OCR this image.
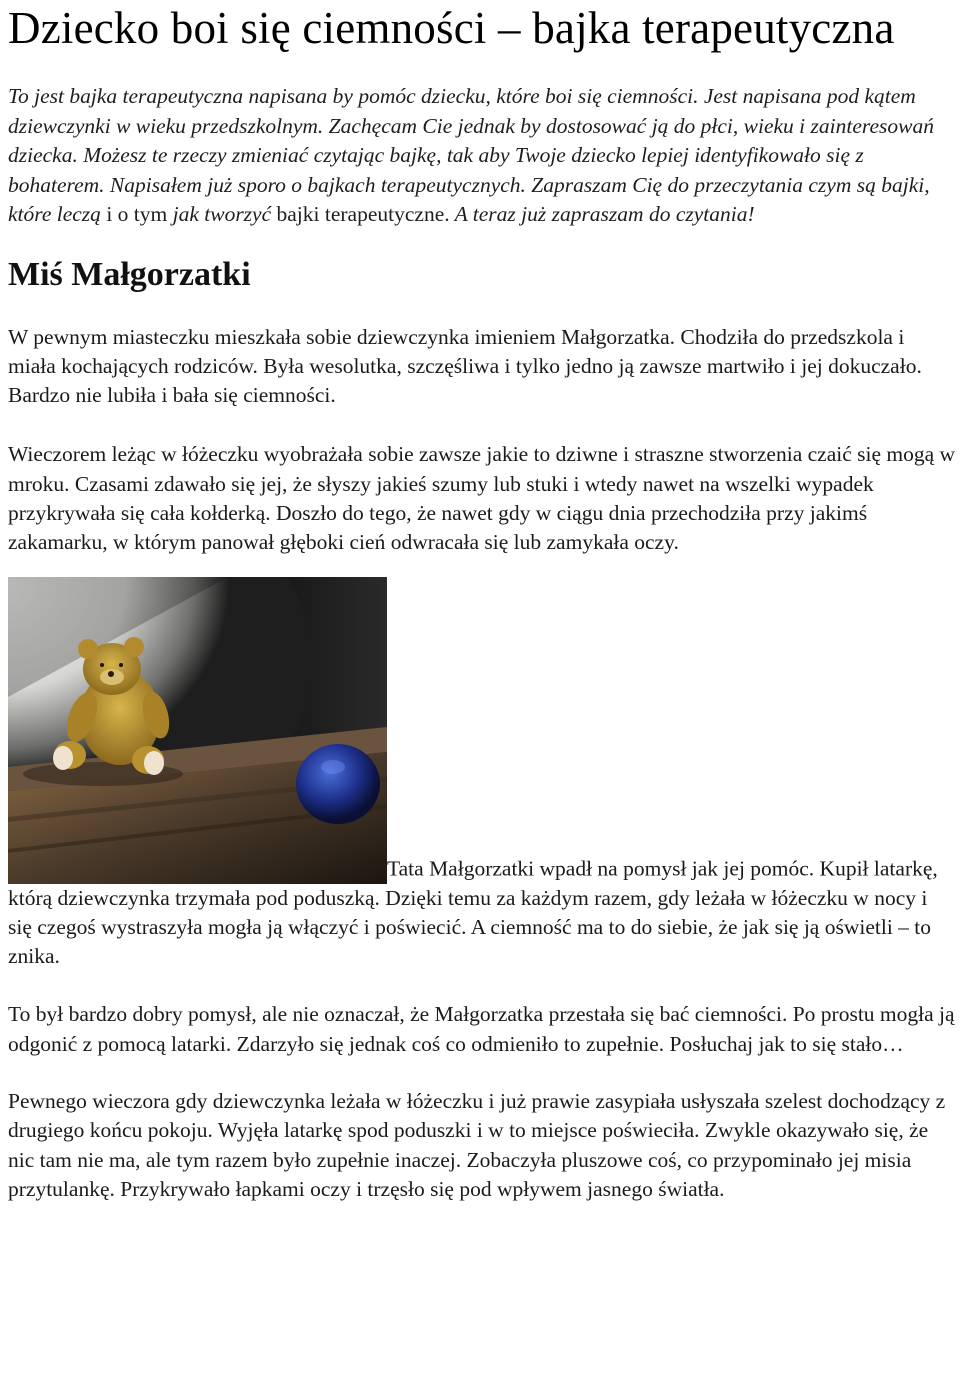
Dziecko boi się ciemności – bajka terapeutyczna

To jest bajka terapeutyczna napisana by pomóc dziecku, które boi się ciemności. Jest napisana pod kątem dziewczynki w wieku przedszkolnym. Zachęcam Cie jednak by dostosować ją do płci, wieku i zainteresowań dziecka. Możesz te rzeczy zmieniać czytając bajkę, tak aby Twoje dziecko lepiej identyfikowało się z bohaterem. Napisałem już sporo o bajkach terapeutycznych. Zapraszam Cię do przeczytania czym są bajki, które leczą i o tym jak tworzyć bajki terapeutyczne. A teraz już zapraszam do czytania!

Miś Małgorzatki

W pewnym miasteczku mieszkała sobie dziewczynka imieniem Małgorzatka. Chodziła do przedszkola i miała kochających rodziców. Była wesolutka, szczęśliwa i tylko jedno ją zawsze martwiło i jej dokuczało. Bardzo nie lubiła i bała się ciemności.

Wieczorem leżąc w łóżeczku wyobrażała sobie zawsze jakie to dziwne i straszne stworzenia czaić się mogą w mroku. Czasami zdawało się jej, że słyszy jakieś szumy lub stuki i wtedy nawet na wszelki wypadek przykrywała się cała kołderką. Doszło do tego, że nawet gdy w ciągu dnia przechodziła przy jakimś zakamarku, w którym panował głęboki cień odwracała się lub zamykała oczy.

Tata Małgorzatki wpadł na pomysł jak jej pomóc. Kupił latarkę, którą dziewczynka trzymała pod poduszką. Dzięki temu za każdym razem, gdy leżała w łóżeczku w nocy i się czegoś wystraszyła mogła ją włączyć i poświecić. A ciemność ma to do siebie, że jak się ją oświetli – to znika.

To był bardzo dobry pomysł, ale nie oznaczał, że Małgorzatka przestała się bać ciemności. Po prostu mogła ją odgonić z pomocą latarki. Zdarzyło się jednak coś co odmieniło to zupełnie. Posłuchaj jak to się stało…

Pewnego wieczora gdy dziewczynka leżała w łóżeczku i już prawie zasypiała usłyszała szelest dochodzący z drugiego końcu pokoju. Wyjęła latarkę spod poduszki i w to miejsce poświeciła. Zwykle okazywało się, że nic tam nie ma, ale tym razem było zupełnie inaczej. Zobaczyła pluszowe coś, co przypominało jej misia przytulankę. Przykrywało łapkami oczy i trzęsło się pod wpływem jasnego światła.
